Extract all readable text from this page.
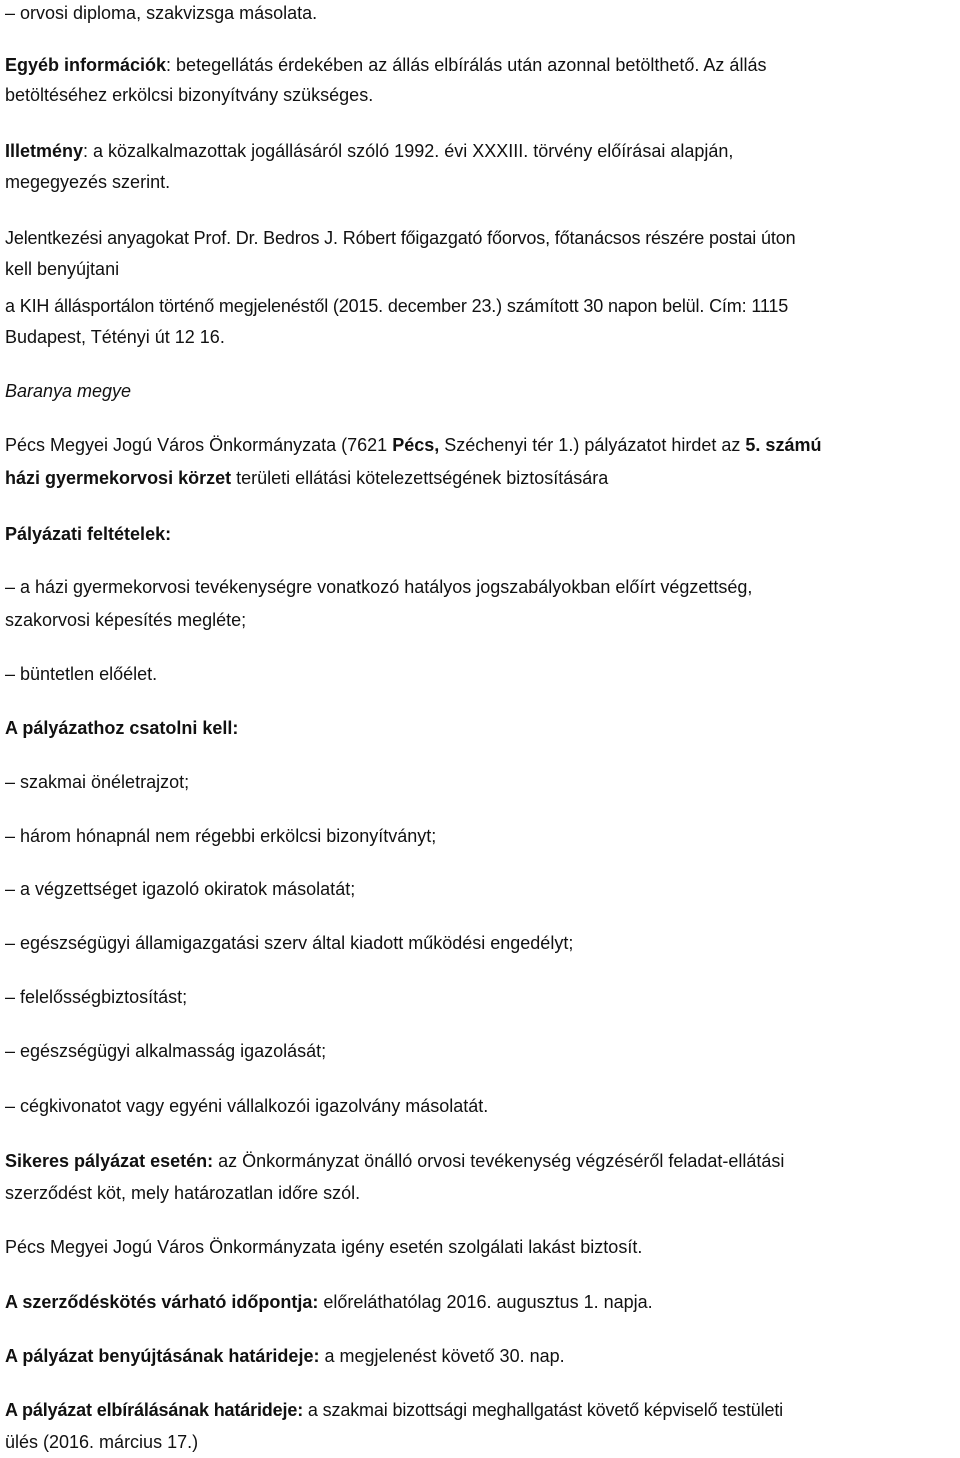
– orvosi diploma, szakvizsga másolata.
Egyéb információk: betegellátás érdekében az állás elbírálás után azonnal betölthető. Az állás
betöltéséhez erkölcsi bizonyítvány szükséges.
Illetmény: a közalkalmazottak jogállásáról szóló 1992. évi XXXIII. törvény előírásai alapján,
megegyezés szerint.
Jelentkezési anyagokat Prof. Dr. Bedros J. Róbert főigazgató főorvos, főtanácsos részére postai úton
kell benyújtani
a KIH állásportálon történő megjelenéstől (2015. december 23.) számított 30 napon belül. Cím: 1115
Budapest, Tétényi út 12 16.
Baranya megye
Pécs Megyei Jogú Város Önkormányzata (7621 Pécs, Széchenyi tér 1.) pályázatot hirdet az 5. számú
házi gyermekorvosi körzet területi ellátási kötelezettségének biztosítására
Pályázati feltételek:
– a házi gyermekorvosi tevékenységre vonatkozó hatályos jogszabályokban előírt végzettség,
szakorvosi képesítés megléte;
– büntetlen előélet.
A pályázathoz csatolni kell:
– szakmai önéletrajzot;
– három hónapnál nem régebbi erkölcsi bizonyítványt;
– a végzettséget igazoló okiratok másolatát;
– egészségügyi államigazgatási szerv által kiadott működési engedélyt;
– felelősségbiztosítást;
– egészségügyi alkalmasság igazolását;
– cégkivonatot vagy egyéni vállalkozói igazolvány másolatát.
Sikeres pályázat esetén: az Önkormányzat önálló orvosi tevékenység végzéséről feladat-ellátási
szerződést köt, mely határozatlan időre szól.
Pécs Megyei Jogú Város Önkormányzata igény esetén szolgálati lakást biztosít.
A szerződéskötés várható időpontja: előreláthatólag 2016. augusztus 1. napja.
A pályázat benyújtásának határideje: a megjelenést követő 30. nap.
A pályázat elbírálásának határideje: a szakmai bizottsági meghallgatást követő képviselő testületi
ülés (2016. március 17.)
